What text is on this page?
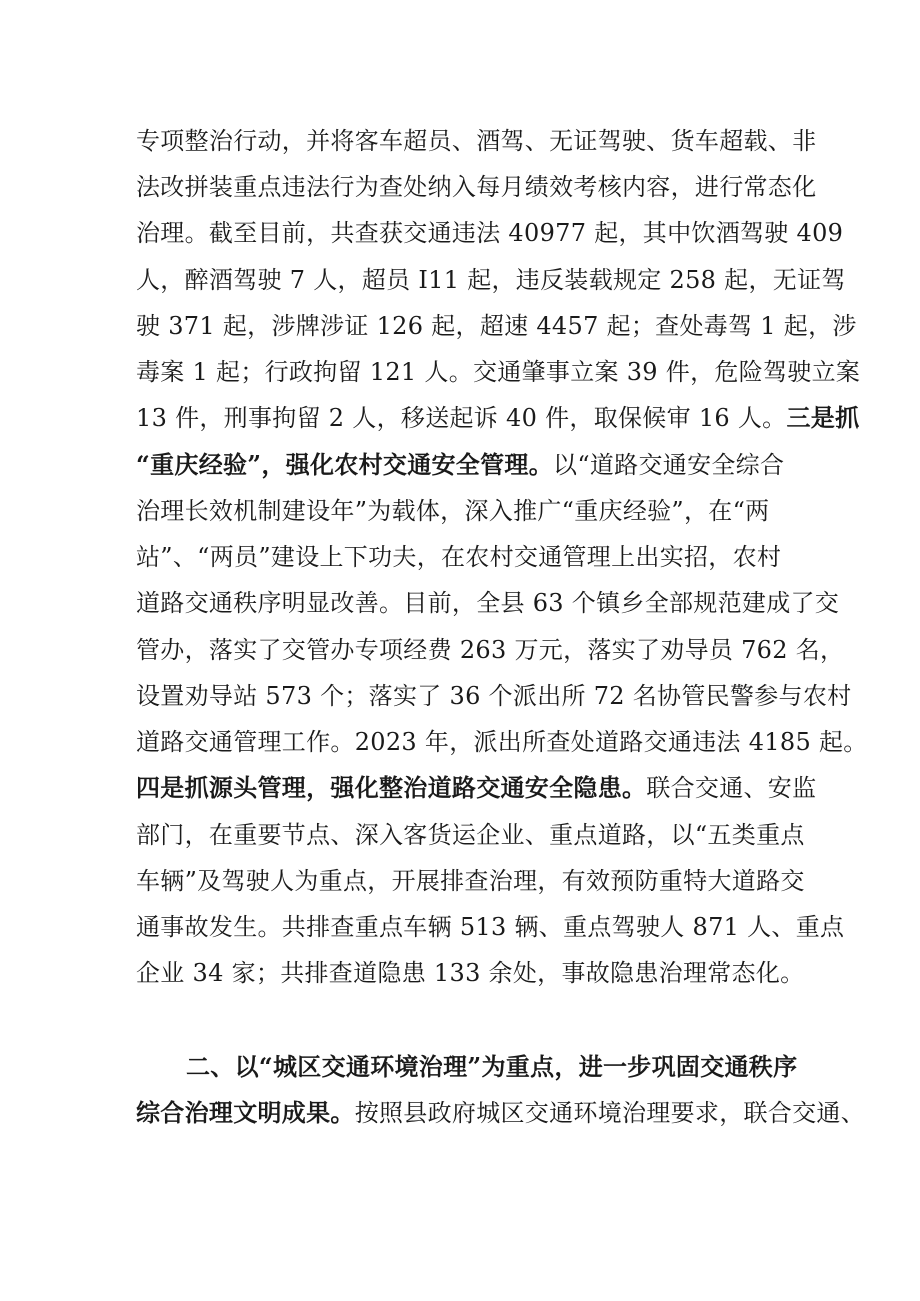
专项整治行动，并将客车超员、酒驾、无证驾驶、货车超载、非
法改拼装重点违法行为查处纳入每月绩效考核内容，进行常态化
治理。截至目前，共查获交通违法 40977 起，其中饮酒驾驶 409
人，醉酒驾驶 7 人，超员 I11 起，违反装载规定 258 起，无证驾
驶 371 起，涉牌涉证 126 起，超速 4457 起；查处毒驾 1 起，涉
毒案 1 起；行政拘留 121 人。交通肇事立案 39 件，危险驾驶立案
13 件，刑事拘留 2 人，移送起诉 40 件，取保候审 16 人。三是抓
“重庆经验”，强化农村交通安全管理。以“道路交通安全综合
治理长效机制建设年”为载体，深入推广“重庆经验”，在“两
站”、“两员”建设上下功夫，在农村交通管理上出实招，农村
道路交通秩序明显改善。目前，全县 63 个镇乡全部规范建成了交
管办，落实了交管办专项经费 263 万元，落实了劝导员 762 名，
设置劝导站 573 个；落实了 36 个派出所 72 名协管民警参与农村
道路交通管理工作。2023 年，派出所查处道路交通违法 4185 起。
四是抓源头管理，强化整治道路交通安全隐患。联合交通、安监
部门，在重要节点、深入客货运企业、重点道路，以“五类重点
车辆”及驾驶人为重点，开展排查治理，有效预防重特大道路交
通事故发生。共排查重点车辆 513 辆、重点驾驶人 871 人、重点
企业 34 家；共排查道隐患 133 余处，事故隐患治理常态化。
二、以“城区交通环境治理”为重点，进一步巩固交通秩序
综合治理文明成果。按照县政府城区交通环境治理要求，联合交通、
